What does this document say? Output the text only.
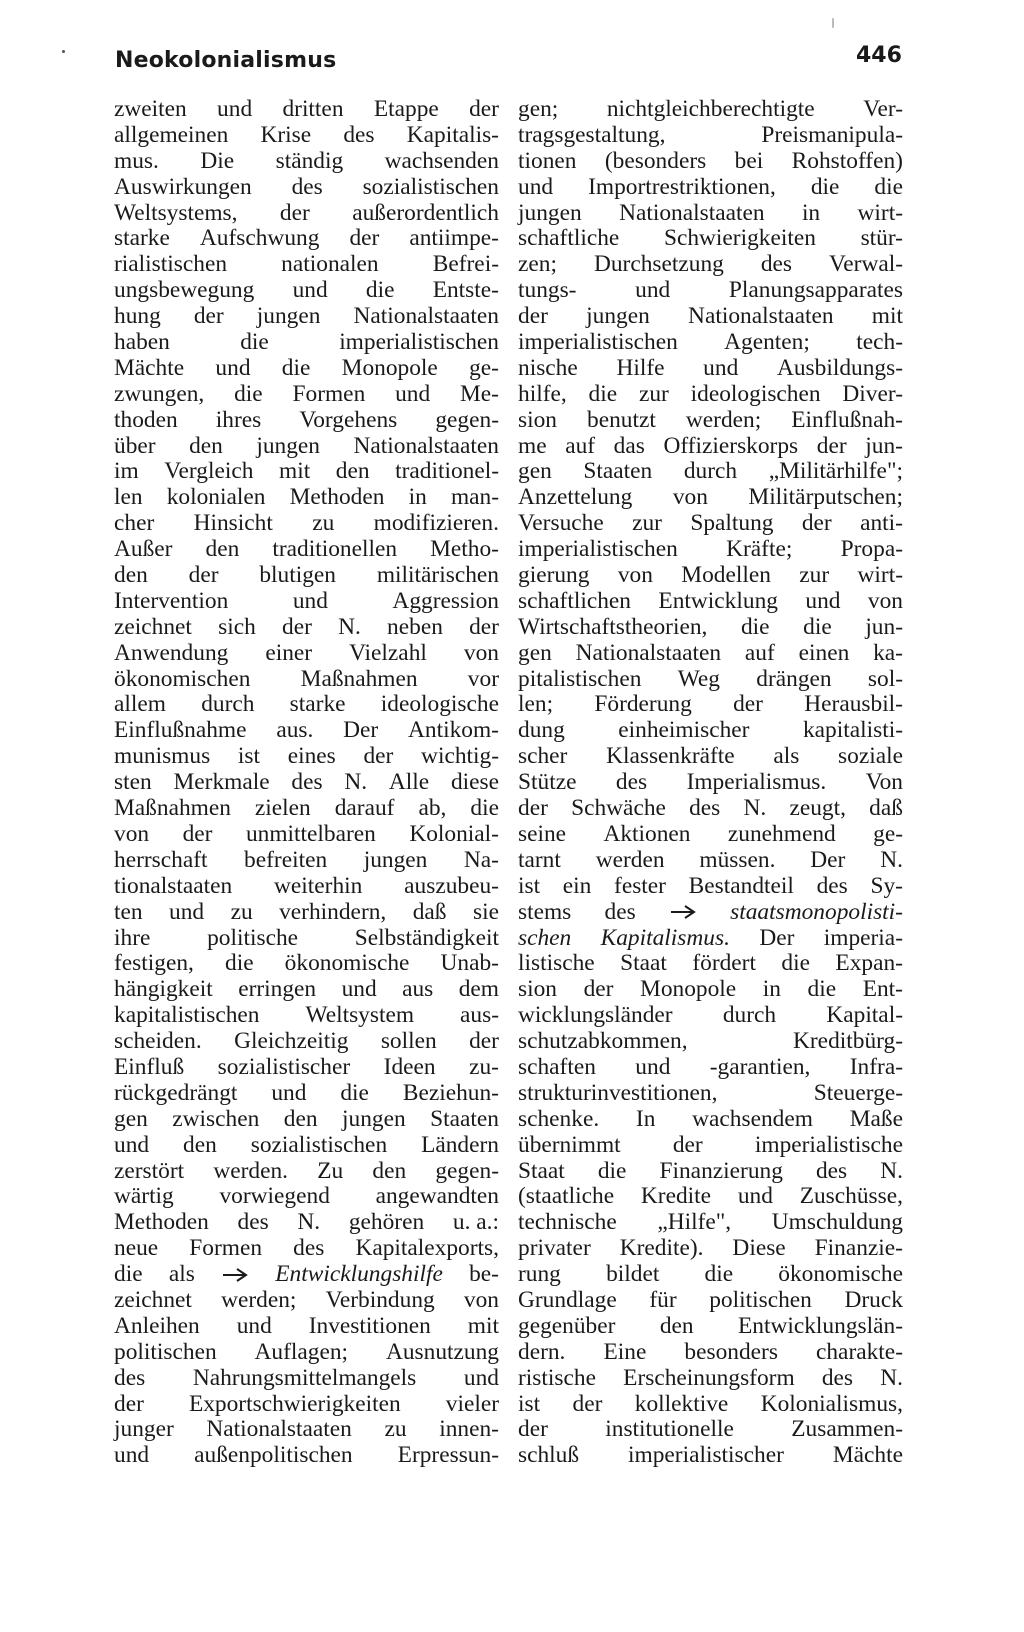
Neokolonialismus	446
zweiten und dritten Etappe der
allgemeinen Krise des Kapitalis-
mus. Die ständig wachsenden
Auswirkungen des sozialistischen
Weltsystems, der außerordentlich
starke Aufschwung der antiimpe-
rialistischen nationalen Befrei-
ungsbewegung und die Entste-
hung der jungen Nationalstaaten
haben	die	imperialistischen
Mächte und die Monopole ge-
zwungen, die Formen und Me-
thoden ihres Vorgehens gegen-
über den jungen Nationalstaaten
im Vergleich mit den traditionel-
len kolonialen Methoden in man-
cher Hinsicht zu modifizieren.
Außer den traditionellen Metho-
den der blutigen militärischen
Intervention	und	Aggression
zeichnet sich der N. neben der
Anwendung einer Vielzahl von
ökonomischen Maßnahmen vor
allem durch starke ideologische
Einflußnahme aus. Der Antikom-
munismus ist eines der wichtig-
sten Merkmale des N. Alle diese
Maßnahmen zielen darauf ab, die
von der unmittelbaren Kolonial-
herrschaft befreiten jungen Na-
tionalstaaten weiterhin auszubeu-
ten und zu verhindern, daß sie
ihre politische Selbständigkeit
festigen, die ökonomische Unab-
hängigkeit erringen und aus dem
kapitalistischen Weltsystem aus-
scheiden. Gleichzeitig sollen der
Einfluß sozialistischer Ideen zu-
rückgedrängt und die Beziehun-
gen zwischen den jungen Staaten
und den sozialistischen Ländern
zerstört werden. Zu den gegen-
wärtig vorwiegend angewandten
Methoden des N. gehören u. a.:
neue Formen des Kapitalexports,
die als	Entwicklungshilfe be-
zeichnet werden; Verbindung von
Anleihen und Investitionen mit
politischen Auflagen; Ausnutzung
des Nahrungsmittelmangels und
der Exportschwierigkeiten vieler
junger Nationalstaaten zu innen-
und außenpolitischen Erpressun-
gen; nichtgleichberechtigte Ver-
tragsgestaltung,	Preismanipula-
tionen (besonders bei Rohstoffen)
und Importrestriktionen, die die
jungen Nationalstaaten in wirt-
schaftliche Schwierigkeiten stür-
zen; Durchsetzung des Verwal-
tungs-	und	Planungsapparates
der jungen Nationalstaaten mit
imperialistischen Agenten; tech-
nische Hilfe und Ausbildungs-
hilfe, die zur ideologischen Diver-
sion benutzt werden; Einflußnah-
me auf das Offizierskorps der jun-
gen Staaten durch „Militärhilfe";
Anzettelung von Militärputschen;
Versuche zur Spaltung der anti-
imperialistischen Kräfte; Propa-
gierung von Modellen zur wirt-
schaftlichen Entwicklung und von
Wirtschaftstheorien, die die jun-
gen Nationalstaaten auf einen ka-
pitalistischen Weg drängen sol-
len; Förderung der Herausbil-
dung einheimischer kapitalisti-
scher Klassenkräfte als soziale
Stütze des Imperialismus. Von
der Schwäche des N. zeugt, daß
seine Aktionen zunehmend ge-
tarnt werden müssen. Der N.
ist ein fester Bestandteil des Sy-
stems des	staatsmonopolisti-
schen Kapitalismus. Der imperia-
listische Staat fördert die Expan-
sion der Monopole in die Ent-
wicklungsländer durch Kapital-
schutzabkommen,	Kreditbürg-
schaften und -garantien, Infra-
strukturinvestitionen,	Steuerge-
schenke. In wachsendem Maße
übernimmt der imperialistische
Staat die Finanzierung des N.
(staatliche Kredite und Zuschüsse,
technische „Hilfe", Umschuldung
privater Kredite). Diese Finanzie-
rung bildet die ökonomische
Grundlage für politischen Druck
gegenüber den Entwicklungslän-
dern. Eine besonders charakte-
ristische Erscheinungsform des N.
ist der kollektive Kolonialismus,
der institutionelle Zusammen-
schluß imperialistischer Mächte
